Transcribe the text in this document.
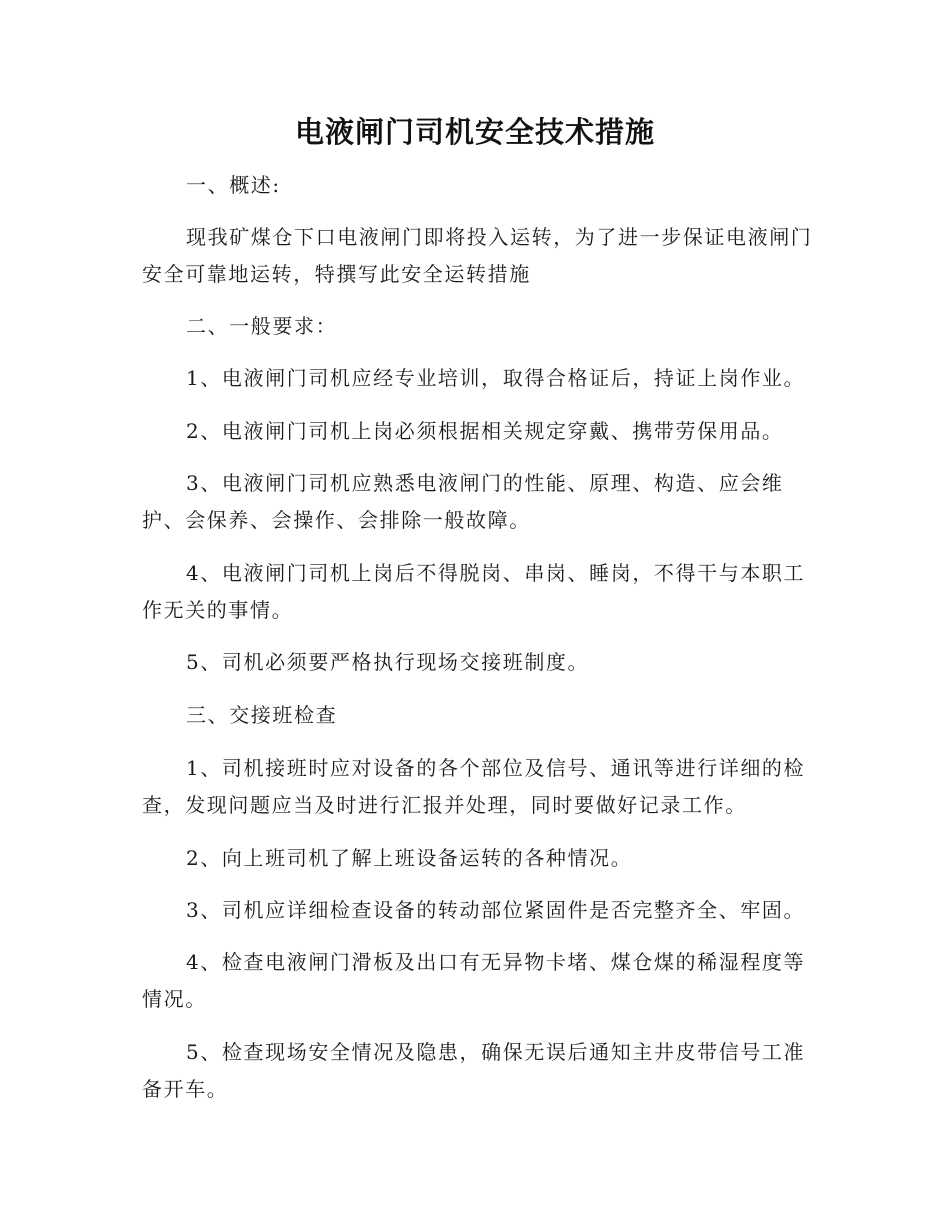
电液闸门司机安全技术措施

一、概述:

现我矿煤仓下口电液闸门即将投入运转，为了进一步保证电液闸门安全可靠地运转，特撰写此安全运转措施

二、一般要求：

1、电液闸门司机应经专业培训，取得合格证后，持证上岗作业。

2、电液闸门司机上岗必须根据相关规定穿戴、携带劳保用品。

3、电液闸门司机应熟悉电液闸门的性能、原理、构造、应会维护、会保养、会操作、会排除一般故障。

4、电液闸门司机上岗后不得脱岗、串岗、睡岗，不得干与本职工作无关的事情。

5、司机必须要严格执行现场交接班制度。

三、交接班检查

1、司机接班时应对设备的各个部位及信号、通讯等进行详细的检查，发现问题应当及时进行汇报并处理，同时要做好记录工作。

2、向上班司机了解上班设备运转的各种情况。

3、司机应详细检查设备的转动部位紧固件是否完整齐全、牢固。

4、检查电液闸门滑板及出口有无异物卡堵、煤仓煤的稀湿程度等情况。

5、检查现场安全情况及隐患，确保无误后通知主井皮带信号工准备开车。
